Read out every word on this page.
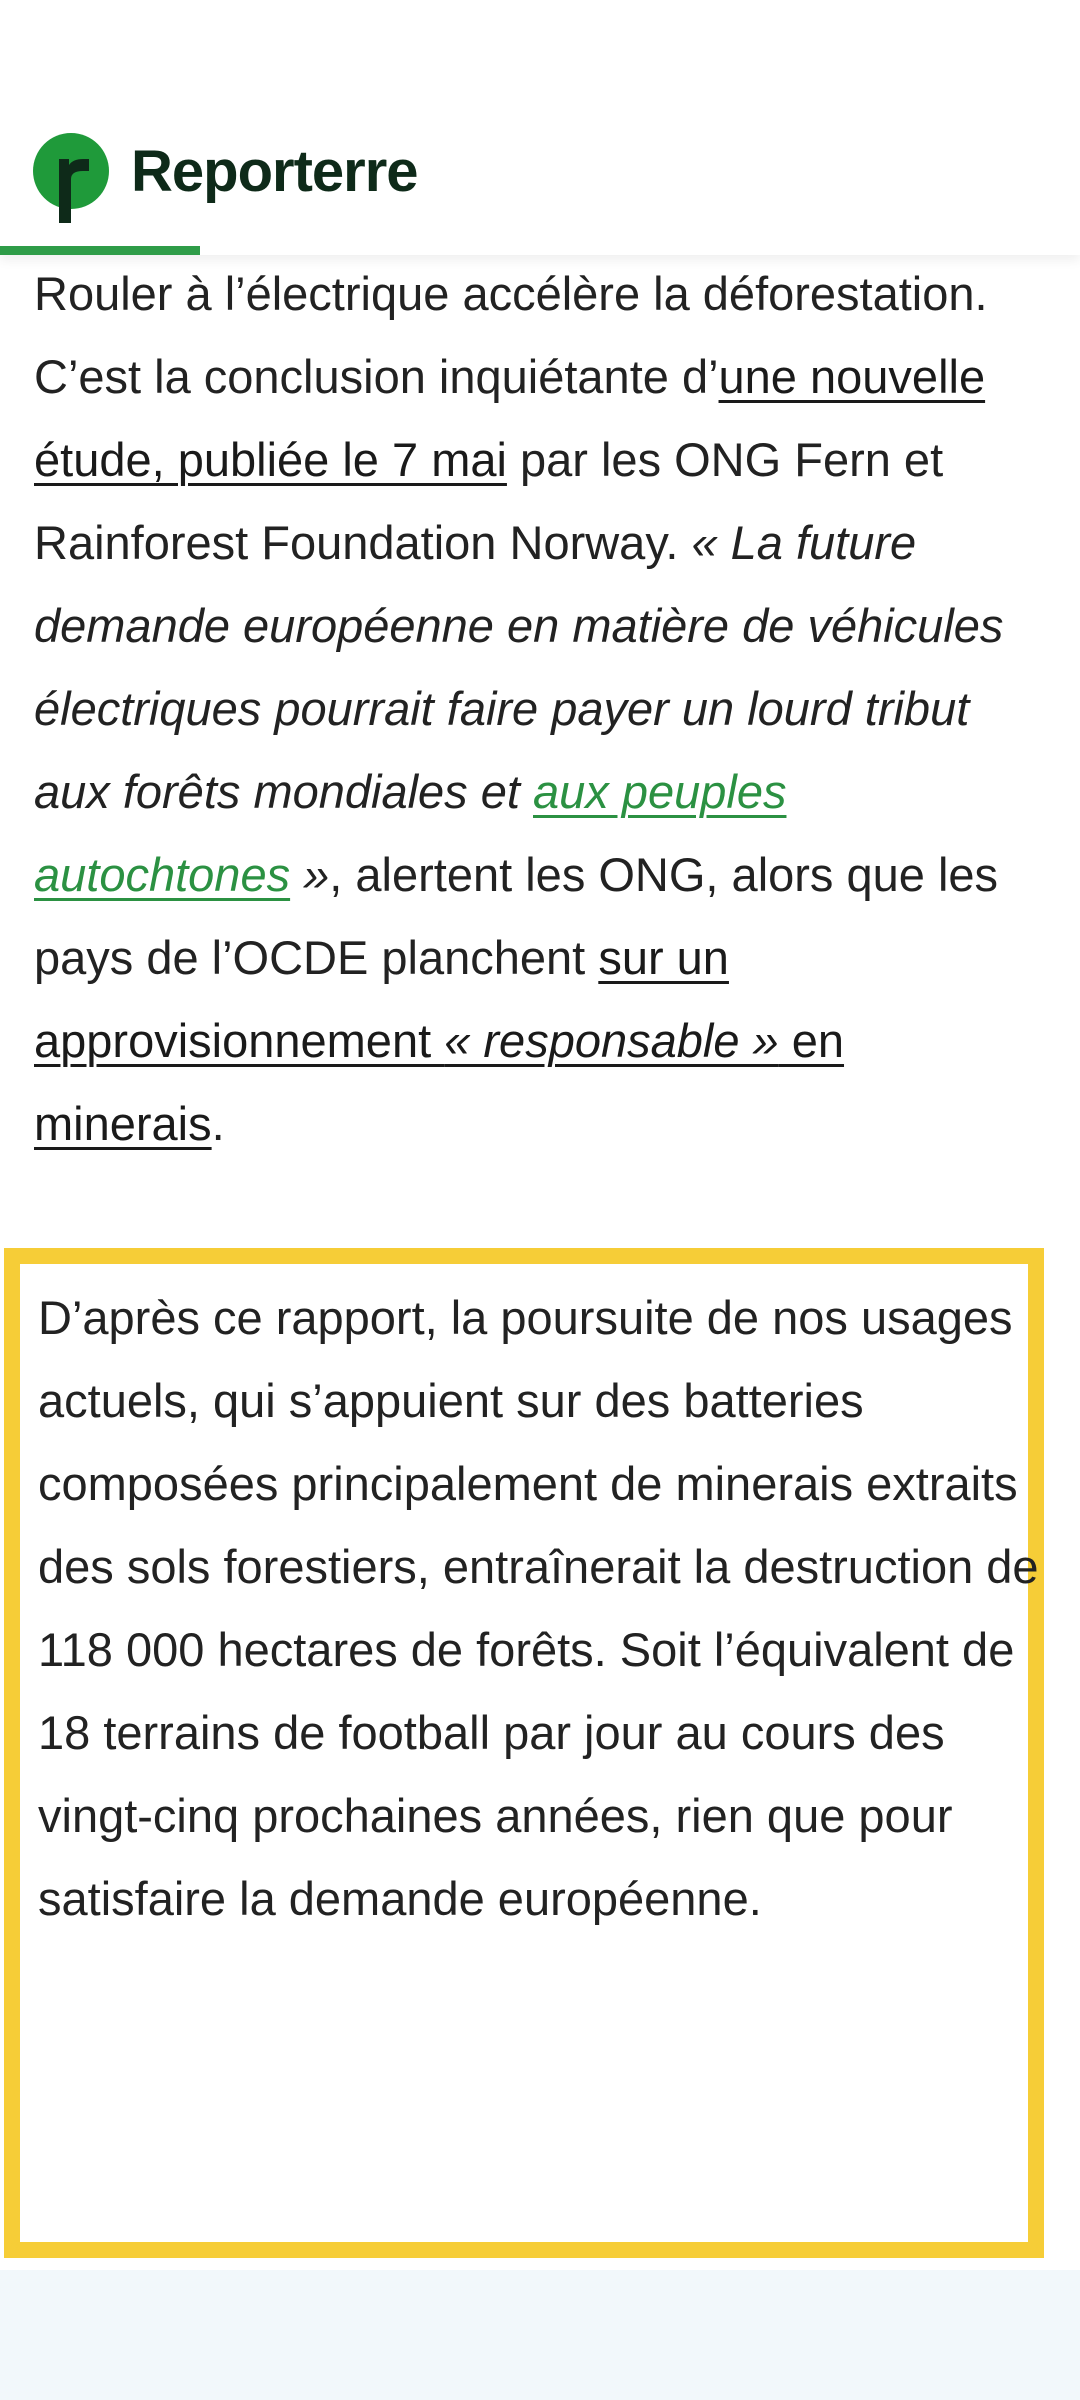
Reporterre

Rouler à l’électrique accélère la déforestation. C’est la conclusion inquiétante d’une nouvelle étude, publiée le 7 mai par les ONG Fern et Rainforest Foundation Norway. « La future demande européenne en matière de véhicules électriques pourrait faire payer un lourd tribut aux forêts mondiales et aux peuples autochtones », alertent les ONG, alors que les pays de l’OCDE planchent sur un approvisionnement « responsable » en minerais.

D’après ce rapport, la poursuite de nos usages actuels, qui s’appuient sur des batteries composées principalement de minerais extraits des sols forestiers, entraînerait la destruction de 118 000 hectares de forêts. Soit l’équivalent de 18 terrains de football par jour au cours des vingt-cinq prochaines années, rien que pour satisfaire la demande européenne.
